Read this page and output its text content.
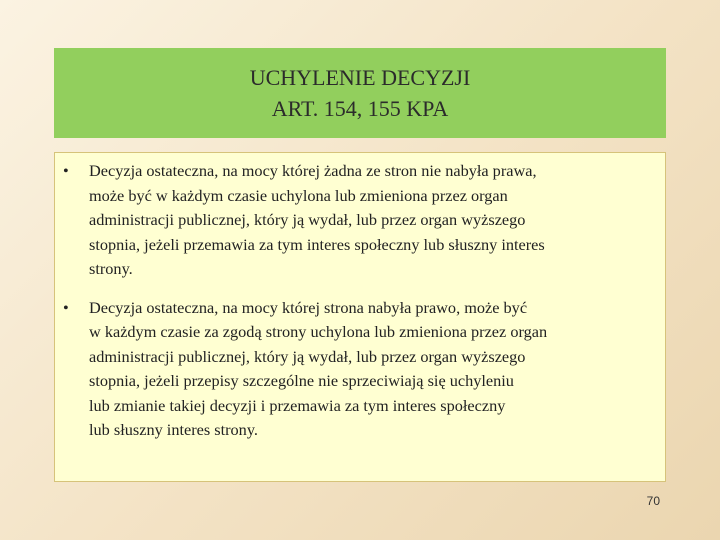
UCHYLENIE DECYZJI
ART. 154, 155 KPA
• Decyzja ostateczna, na mocy której żadna ze stron nie nabyła prawa,
może być w każdym czasie uchylona lub zmieniona przez organ
administracji publicznej, który ją wydał, lub przez organ wyższego
stopnia, jeżeli przemawia za tym interes społeczny lub słuszny interes
strony.
• Decyzja ostateczna, na mocy której strona nabyła prawo, może być
w każdym czasie za zgodą strony uchylona lub zmieniona przez organ
administracji publicznej, który ją wydał, lub przez organ wyższego
stopnia, jeżeli przepisy szczególne nie sprzeciwiają się uchyleniu
lub zmianie takiej decyzji i przemawia za tym interes społeczny
lub słuszny interes strony.
70
